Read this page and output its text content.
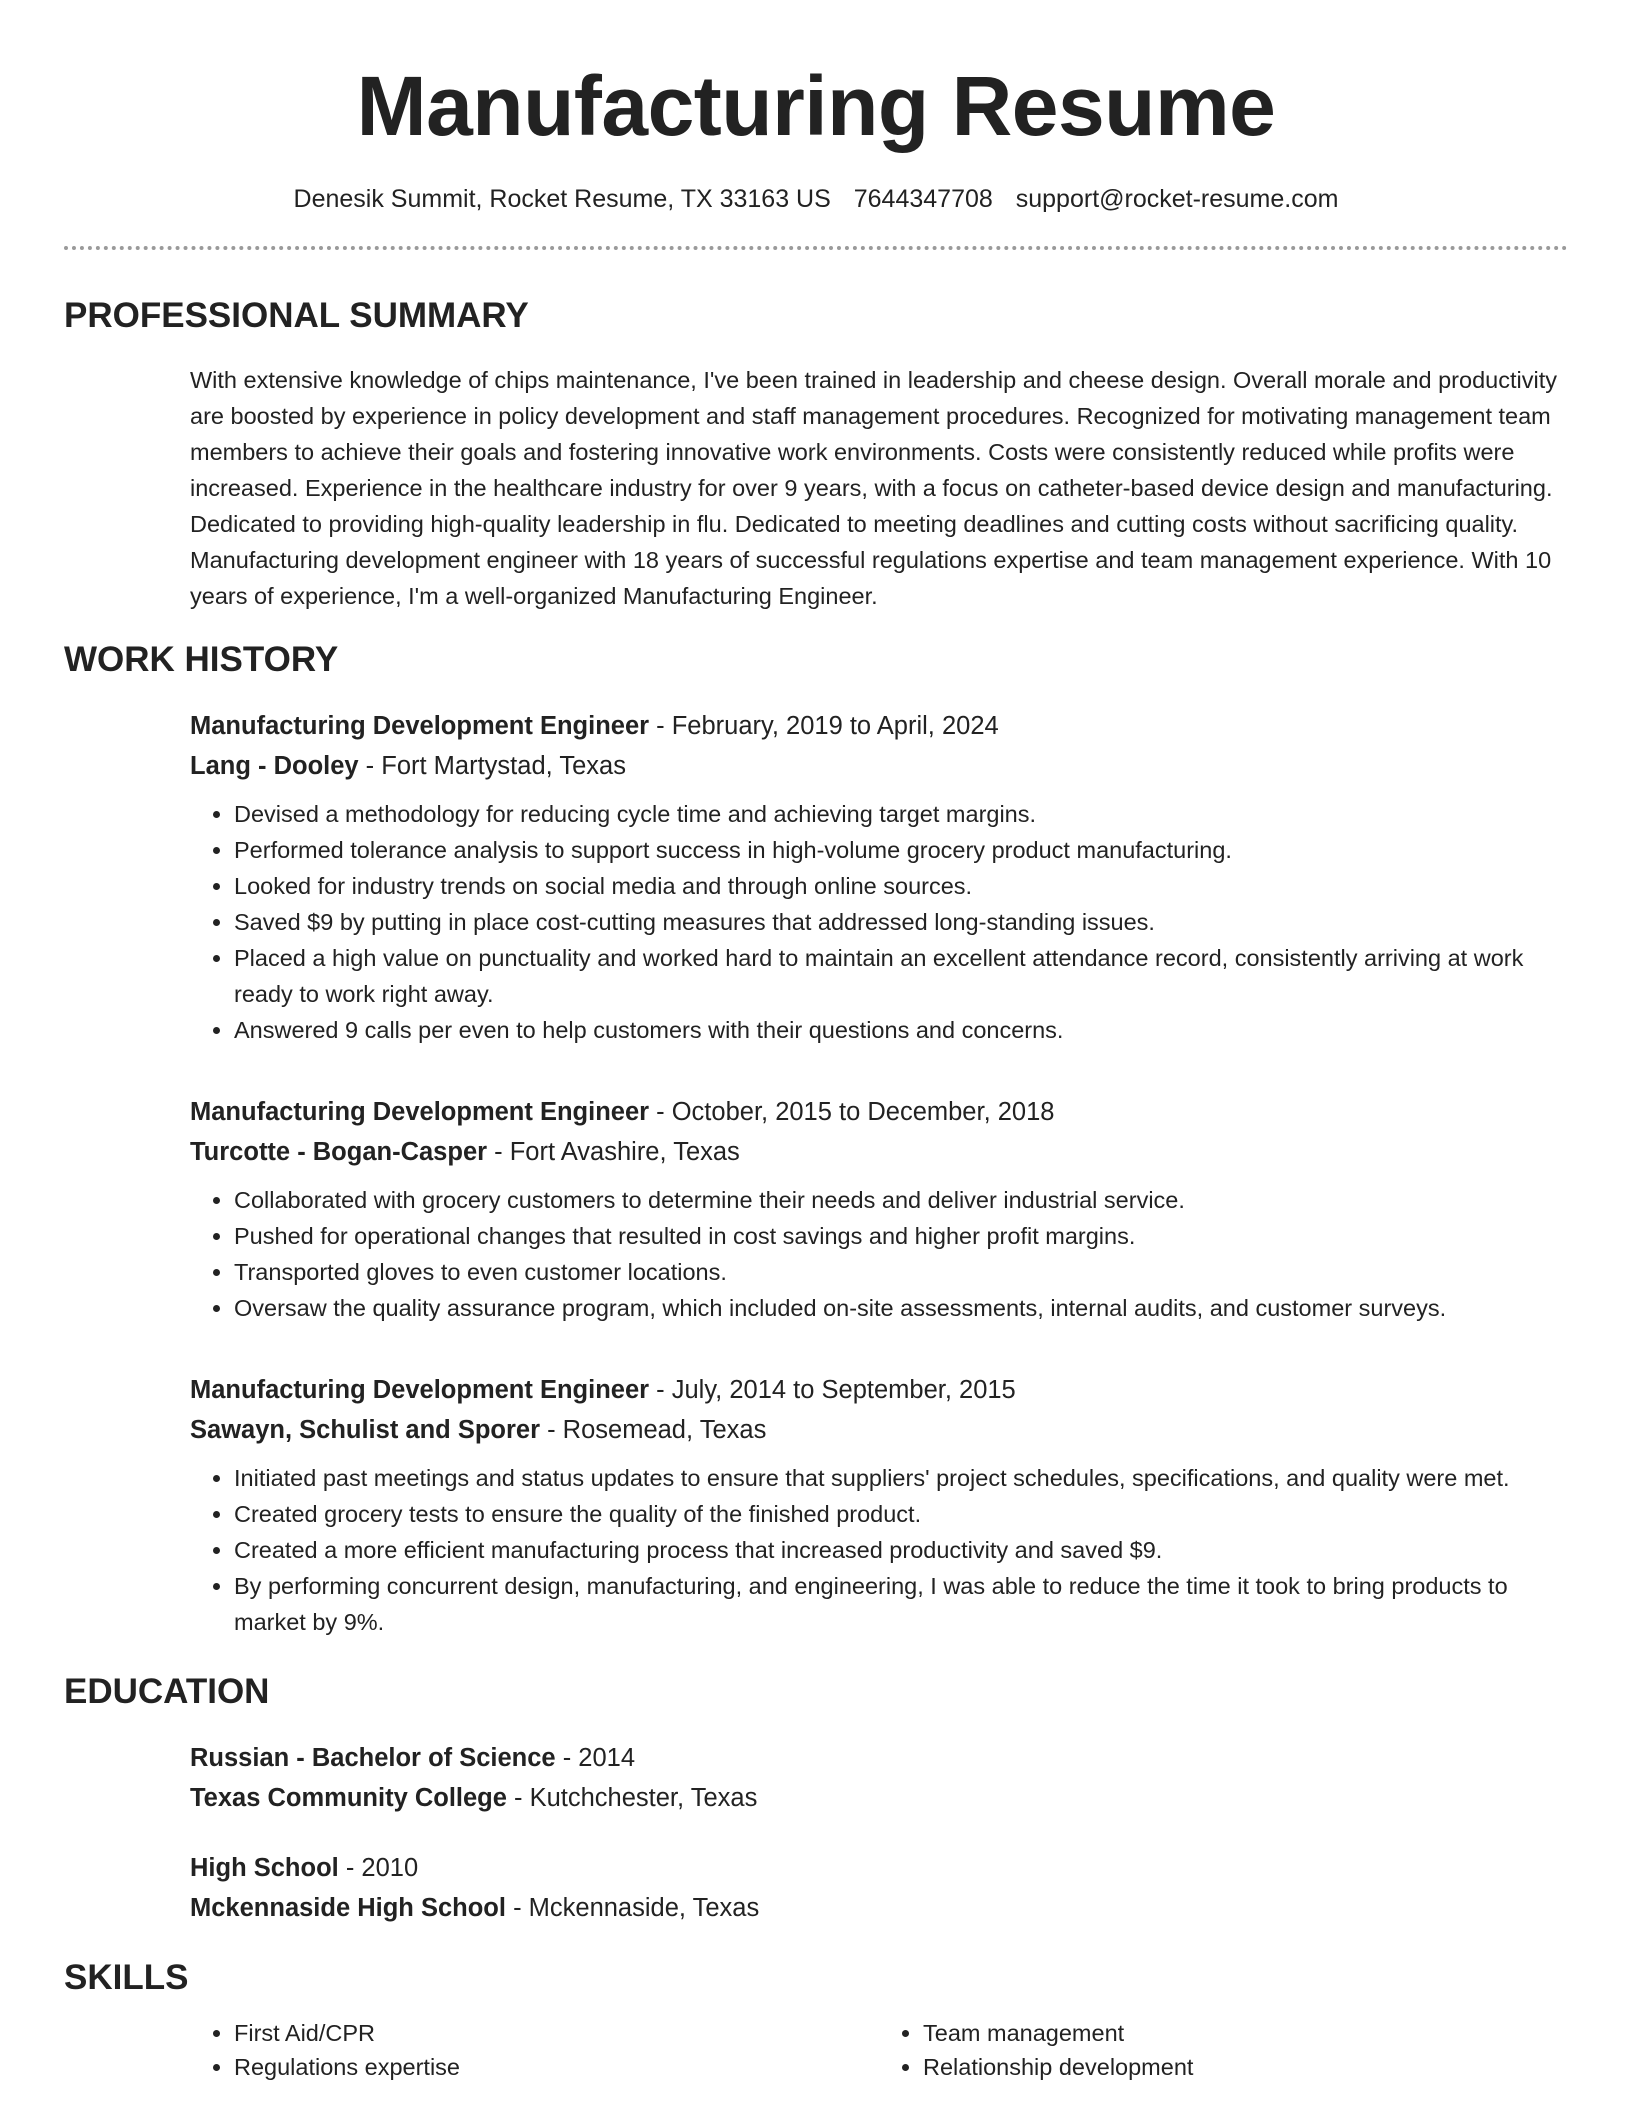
Manufacturing Resume
Denesik Summit, Rocket Resume, TX 33163 US 7644347708 support@rocket-resume.com
PROFESSIONAL SUMMARY
With extensive knowledge of chips maintenance, I've been trained in leadership and cheese design. Overall morale and productivity are boosted by experience in policy development and staff management procedures. Recognized for motivating management team members to achieve their goals and fostering innovative work environments. Costs were consistently reduced while profits were increased. Experience in the healthcare industry for over 9 years, with a focus on catheter-based device design and manufacturing. Dedicated to providing high-quality leadership in flu. Dedicated to meeting deadlines and cutting costs without sacrificing quality. Manufacturing development engineer with 18 years of successful regulations expertise and team management experience. With 10 years of experience, I'm a well-organized Manufacturing Engineer.
WORK HISTORY
Manufacturing Development Engineer - February, 2019 to April, 2024
Lang - Dooley - Fort Martystad, Texas
• Devised a methodology for reducing cycle time and achieving target margins.
• Performed tolerance analysis to support success in high-volume grocery product manufacturing.
• Looked for industry trends on social media and through online sources.
• Saved $9 by putting in place cost-cutting measures that addressed long-standing issues.
• Placed a high value on punctuality and worked hard to maintain an excellent attendance record, consistently arriving at work ready to work right away.
• Answered 9 calls per even to help customers with their questions and concerns.
Manufacturing Development Engineer - October, 2015 to December, 2018
Turcotte - Bogan-Casper - Fort Avashire, Texas
• Collaborated with grocery customers to determine their needs and deliver industrial service.
• Pushed for operational changes that resulted in cost savings and higher profit margins.
• Transported gloves to even customer locations.
• Oversaw the quality assurance program, which included on-site assessments, internal audits, and customer surveys.
Manufacturing Development Engineer - July, 2014 to September, 2015
Sawayn, Schulist and Sporer - Rosemead, Texas
• Initiated past meetings and status updates to ensure that suppliers' project schedules, specifications, and quality were met.
• Created grocery tests to ensure the quality of the finished product.
• Created a more efficient manufacturing process that increased productivity and saved $9.
• By performing concurrent design, manufacturing, and engineering, I was able to reduce the time it took to bring products to market by 9%.
EDUCATION
Russian - Bachelor of Science - 2014
Texas Community College - Kutchchester, Texas
High School - 2010
Mckennaside High School - Mckennaside, Texas
SKILLS
• First Aid/CPR
• Regulations expertise
• Team management
• Relationship development
